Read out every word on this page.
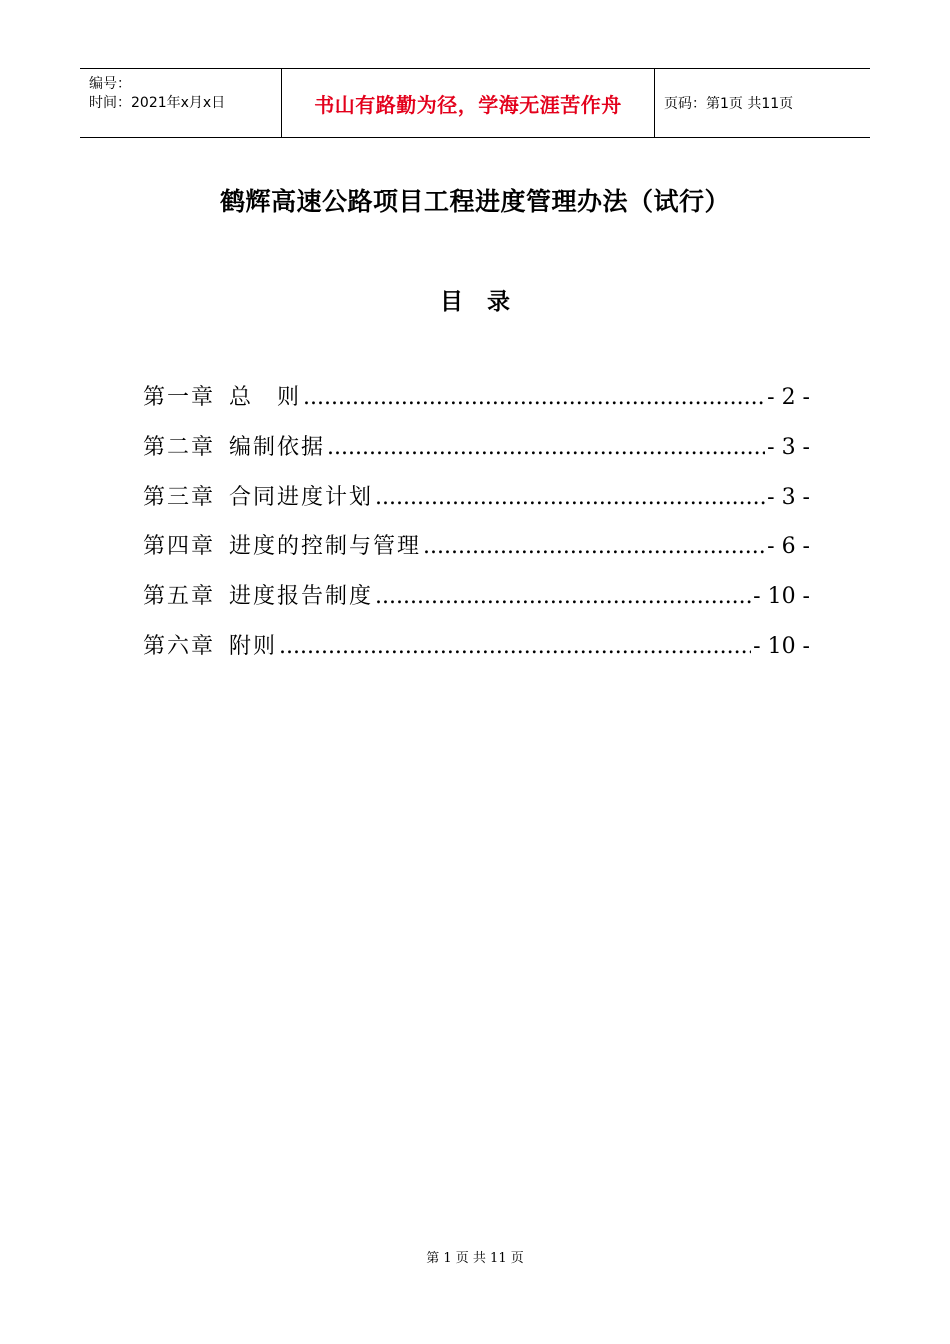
编号：
时间：2021年x月x日	书山有路勤为径，学海无涯苦作舟	页码：第1页 共11页
鹤辉高速公路项目工程进度管理办法（试行）
目录
第一章 总　则 .....	- 2 -
第二章 编制依据 .....	- 3 -
第三章 合同进度计划 .....	- 3 -
第四章 进度的控制与管理 .....	- 6 -
第五章 进度报告制度 .....	- 10 -
第六章 附则 .....	- 10 -
第 1 页 共 11 页
